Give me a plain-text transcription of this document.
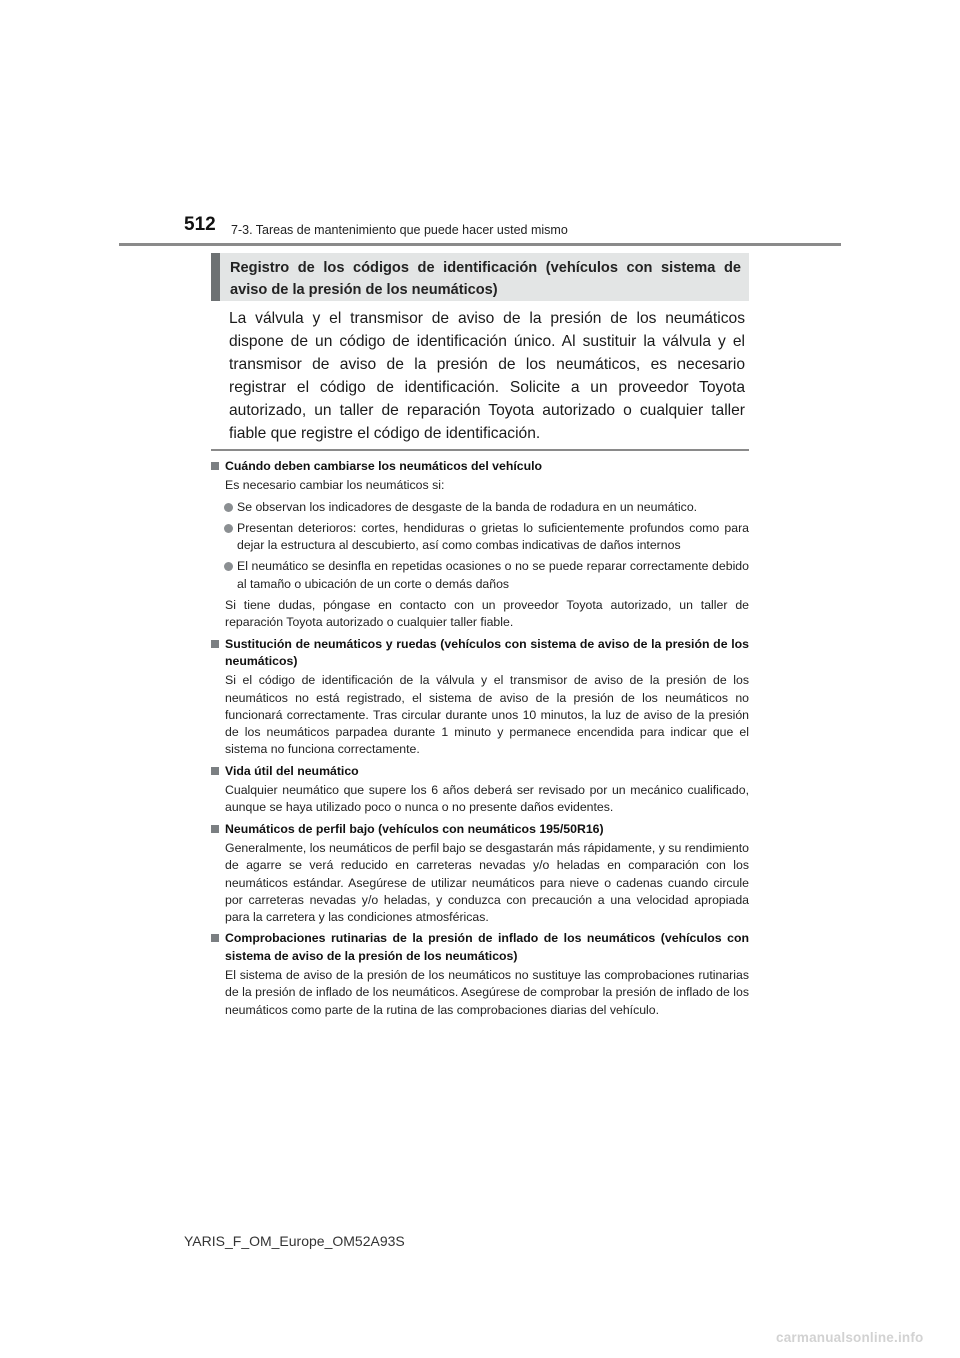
512 7-3. Tareas de mantenimiento que puede hacer usted mismo
Registro de los códigos de identificación (vehículos con sistema de aviso de la presión de los neumáticos)

La válvula y el transmisor de aviso de la presión de los neumáticos dispone de un código de identificación único. Al sustituir la válvula y el transmisor de aviso de la presión de los neumáticos, es necesario registrar el código de identificación. Solicite a un proveedor Toyota autorizado, un taller de reparación Toyota autorizado o cualquier taller fiable que registre el código de identificación.

Cuándo deben cambiarse los neumáticos del vehículo

Es necesario cambiar los neumáticos si:

Se observan los indicadores de desgaste de la banda de rodadura en un neumático.
Presentan deterioros: cortes, hendiduras o grietas lo suficientemente profundos como para dejar la estructura al descubierto, así como combas indicativas de daños internos
El neumático se desinfla en repetidas ocasiones o no se puede reparar correctamente debido al tamaño o ubicación de un corte o demás daños

Si tiene dudas, póngase en contacto con un proveedor Toyota autorizado, un taller de reparación Toyota autorizado o cualquier taller fiable.

Sustitución de neumáticos y ruedas (vehículos con sistema de aviso de la presión de los neumáticos)

Si el código de identificación de la válvula y el transmisor de aviso de la presión de los neumáticos no está registrado, el sistema de aviso de la presión de los neumáticos no funcionará correctamente. Tras circular durante unos 10 minutos, la luz de aviso de la presión de los neumáticos parpadea durante 1 minuto y permanece encendida para indicar que el sistema no funciona correctamente.

Vida útil del neumático

Cualquier neumático que supere los 6 años deberá ser revisado por un mecánico cualificado, aunque se haya utilizado poco o nunca o no presente daños evidentes.

Neumáticos de perfil bajo (vehículos con neumáticos 195/50R16)

Generalmente, los neumáticos de perfil bajo se desgastarán más rápidamente, y su rendimiento de agarre se verá reducido en carreteras nevadas y/o heladas en comparación con los neumáticos estándar. Asegúrese de utilizar neumáticos para nieve o cadenas cuando circule por carreteras nevadas y/o heladas, y conduzca con precaución a una velocidad apropiada para la carretera y las condiciones atmosféricas.

Comprobaciones rutinarias de la presión de inflado de los neumáticos (vehículos con sistema de aviso de la presión de los neumáticos)

El sistema de aviso de la presión de los neumáticos no sustituye las comprobaciones rutinarias de la presión de inflado de los neumáticos. Asegúrese de comprobar la presión de inflado de los neumáticos como parte de la rutina de las comprobaciones diarias del vehículo.

YARIS_F_OM_Europe_OM52A93S
carmanualsonline.info
